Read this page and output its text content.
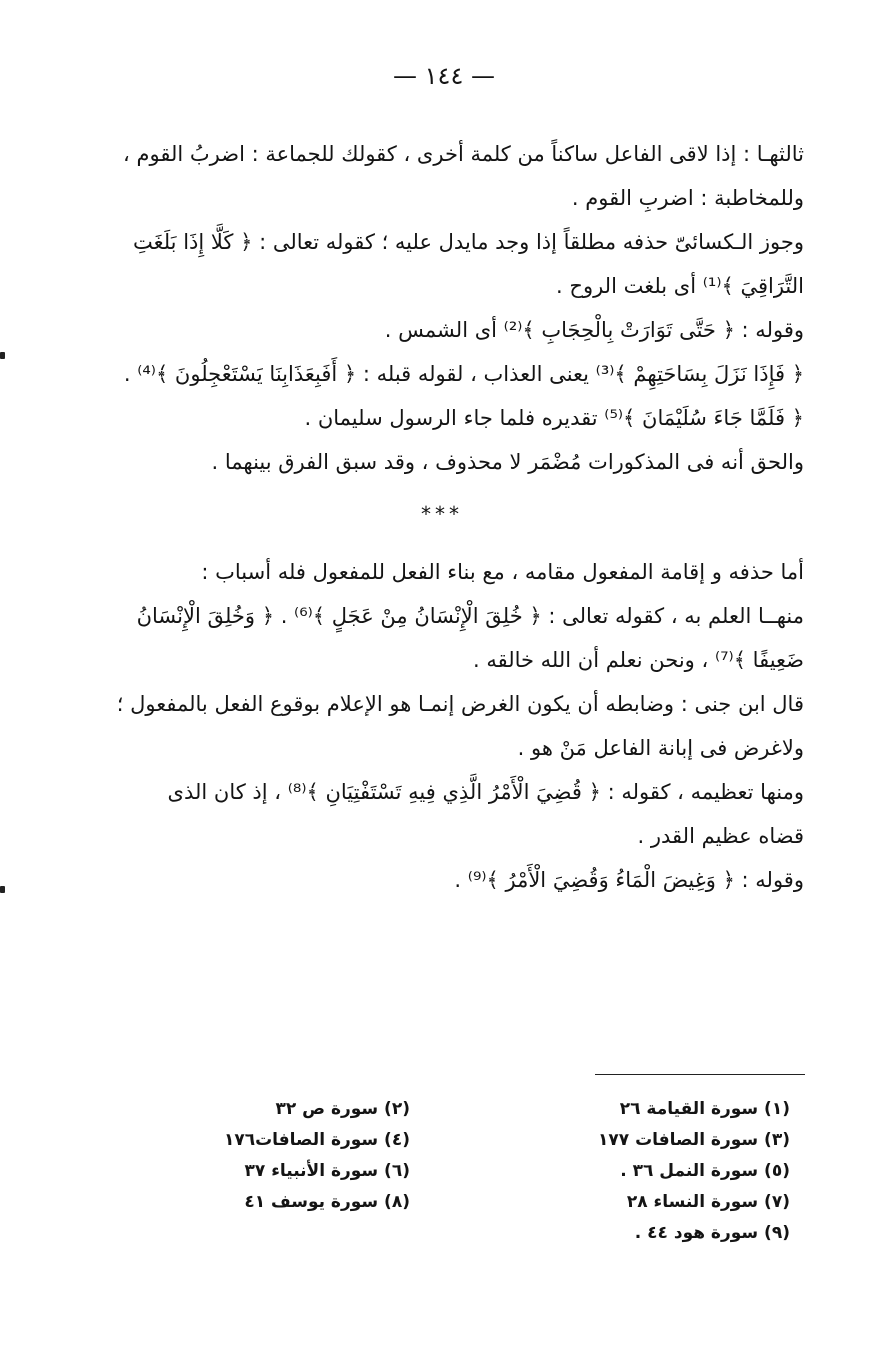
— ١٤٤ —

ثالثهـا : إذا لاقى الفاعل ساكناً من كلمة أخرى ، كقولك للجماعة : اضربُ القوم ،

وللمخاطبة : اضربِ القوم .

وجوز الـكسائىّ حذفه مطلقاً إذا وجد مايدل عليه ؛ كقوله تعالى : ﴿ كَلَّا إِذَا بَلَغَتِ

التَّرَاقِيَ ﴾⁽¹⁾ أى بلغت الروح .

وقوله : ﴿ حَتَّى تَوَارَتْ بِالْحِجَابِ ﴾⁽²⁾ أى الشمس .

﴿ فَإِذَا نَزَلَ بِسَاحَتِهِمْ ﴾⁽³⁾ يعنى العذاب ، لقوله قبله : ﴿ أَفَبِعَذَابِنَا يَسْتَعْجِلُونَ ﴾⁽⁴⁾ .

﴿ فَلَمَّا جَاءَ سُلَيْمَانَ ﴾⁽⁵⁾ تقديره فلما جاء الرسول سليمان .

والحق أنه فى المذكورات مُضْمَر لا محذوف ، وقد سبق الفرق بينهما .

***

أما حذفه و إقامة المفعول مقامه ، مع بناء الفعل للمفعول فله أسباب :

منهــا العلم به ، كقوله تعالى : ﴿ خُلِقَ الْإِنْسَانُ مِنْ عَجَلٍ ﴾⁽⁶⁾ . ﴿ وَخُلِقَ الْإِنْسَانُ

ضَعِيفًا ﴾⁽⁷⁾ ، ونحن نعلم أن الله خالقه .

قال ابن جنى : وضابطه أن يكون الغرض إنمـا هو الإعلام بوقوع الفعل بالمفعول ؛

ولاغرض فى إبانة الفاعل مَنْ هو .

ومنها تعظيمه ، كقوله : ﴿ قُضِيَ الْأَمْرُ الَّذِي فِيهِ تَسْتَفْتِيَانِ ﴾⁽⁸⁾ ، إذ كان الذى

قضاه عظيم القدر .

وقوله : ﴿ وَغِيضَ الْمَاءُ وَقُضِيَ الْأَمْرُ ﴾⁽⁹⁾ .

(١) سورة القيامة ٢٦
(٣) سورة الصافات ١٧٧
(٥) سورة النمل ٣٦ .
(٧) سورة النساء ٢٨
(٩) سورة هود ٤٤ .
(٢) سورة ص ٣٢
(٤) سورة الصافات١٧٦
(٦) سورة الأنبياء ٣٧
(٨) سورة يوسف ٤١
